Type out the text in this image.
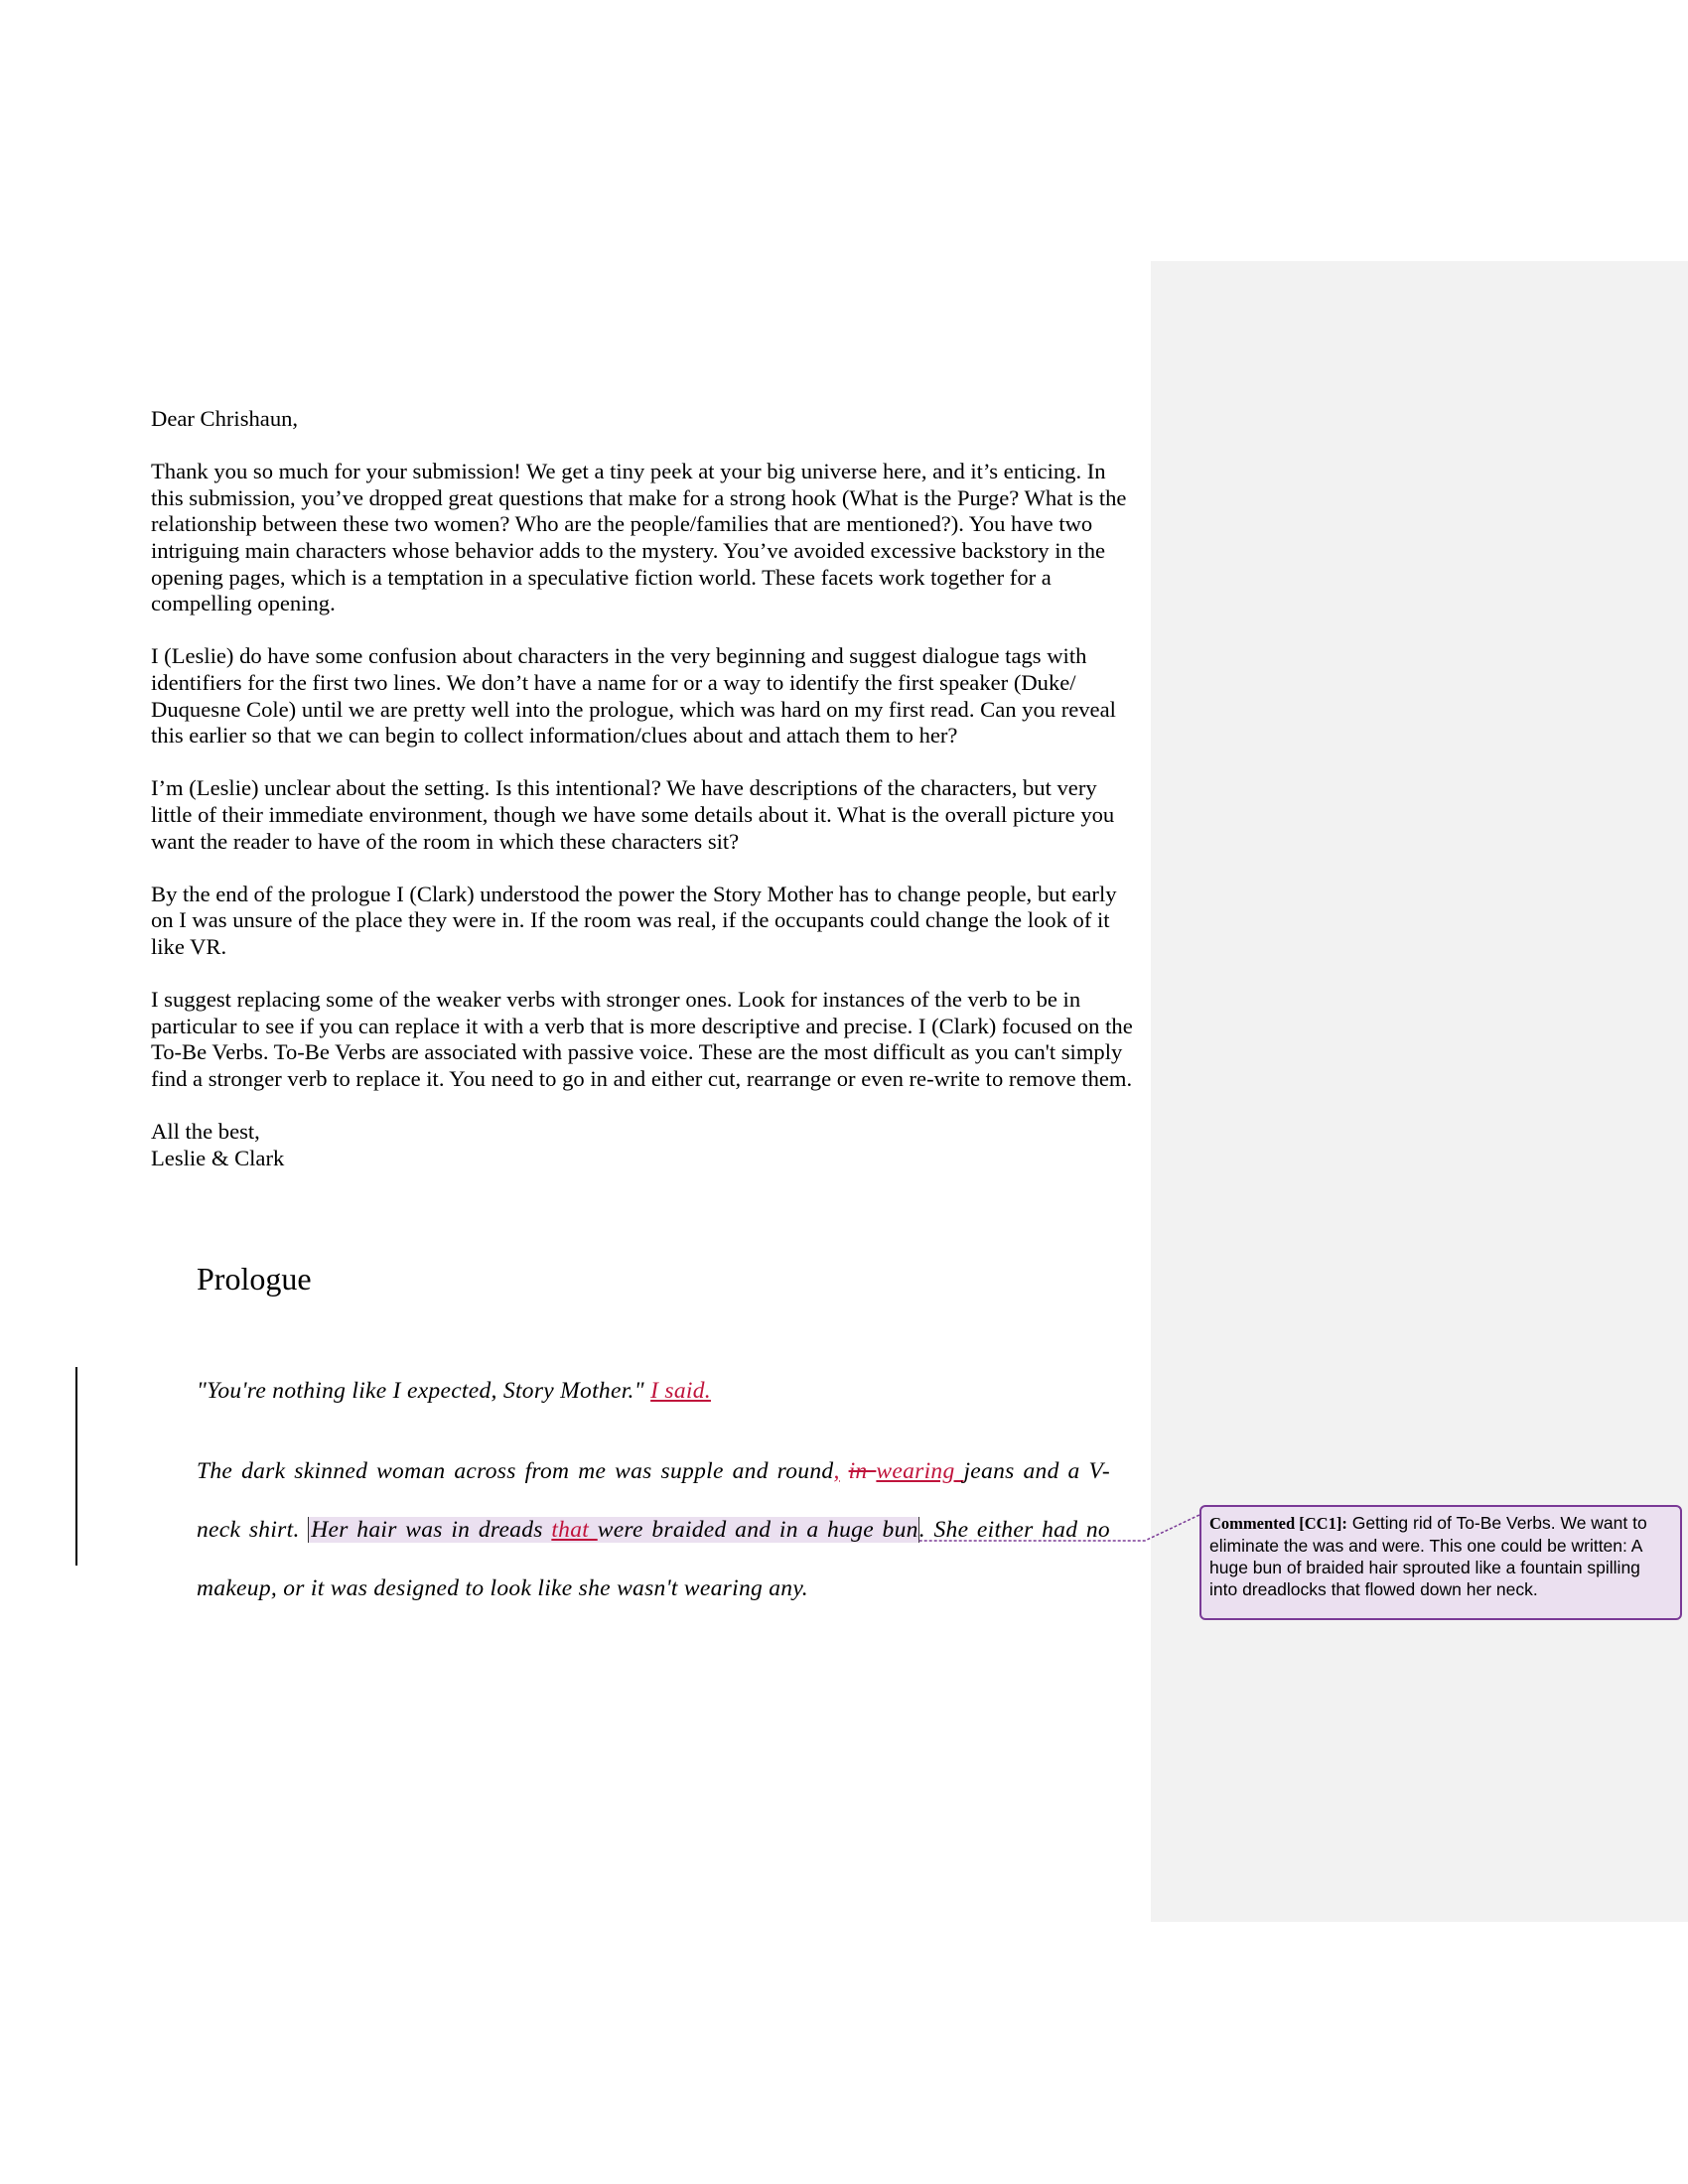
Dear Chrishaun,

Thank you so much for your submission! We get a tiny peek at your big universe here, and it’s enticing. In this submission, you’ve dropped great questions that make for a strong hook (What is the Purge? What is the relationship between these two women? Who are the people/families that are mentioned?). You have two intriguing main characters whose behavior adds to the mystery. You’ve avoided excessive backstory in the opening pages, which is a temptation in a speculative fiction world. These facets work together for a compelling opening.

I (Leslie) do have some confusion about characters in the very beginning and suggest dialogue tags with identifiers for the first two lines. We don’t have a name for or a way to identify the first speaker (Duke/ Duquesne Cole) until we are pretty well into the prologue, which was hard on my first read. Can you reveal this earlier so that we can begin to collect information/clues about and attach them to her?

I’m (Leslie) unclear about the setting. Is this intentional? We have descriptions of the characters, but very little of their immediate environment, though we have some details about it. What is the overall picture you want the reader to have of the room in which these characters sit?

By the end of the prologue I (Clark) understood the power the Story Mother has to change people, but early on I was unsure of the place they were in. If the room was real, if the occupants could change the look of it like VR.

I suggest replacing some of the weaker verbs with stronger ones. Look for instances of the verb to be in particular to see if you can replace it with a verb that is more descriptive and precise. I (Clark) focused on the To-Be Verbs. To-Be Verbs are associated with passive voice. These are the most difficult as you can't simply find a stronger verb to replace it. You need to go in and either cut, rearrange or even re-write to remove them.

All the best,

Leslie & Clark

Prologue

"You're nothing like I expected, Story Mother." I said.

The dark skinned woman across from me was supple and round, in wearing jeans and a V-neck shirt. Her hair was in dreads that were braided and in a huge bun. She either had no makeup, or it was designed to look like she wasn't wearing any.

Commented [CC1]: Getting rid of To-Be Verbs. We want to eliminate the was and were. This one could be written: A huge bun of braided hair sprouted like a fountain spilling into dreadlocks that flowed down her neck.
